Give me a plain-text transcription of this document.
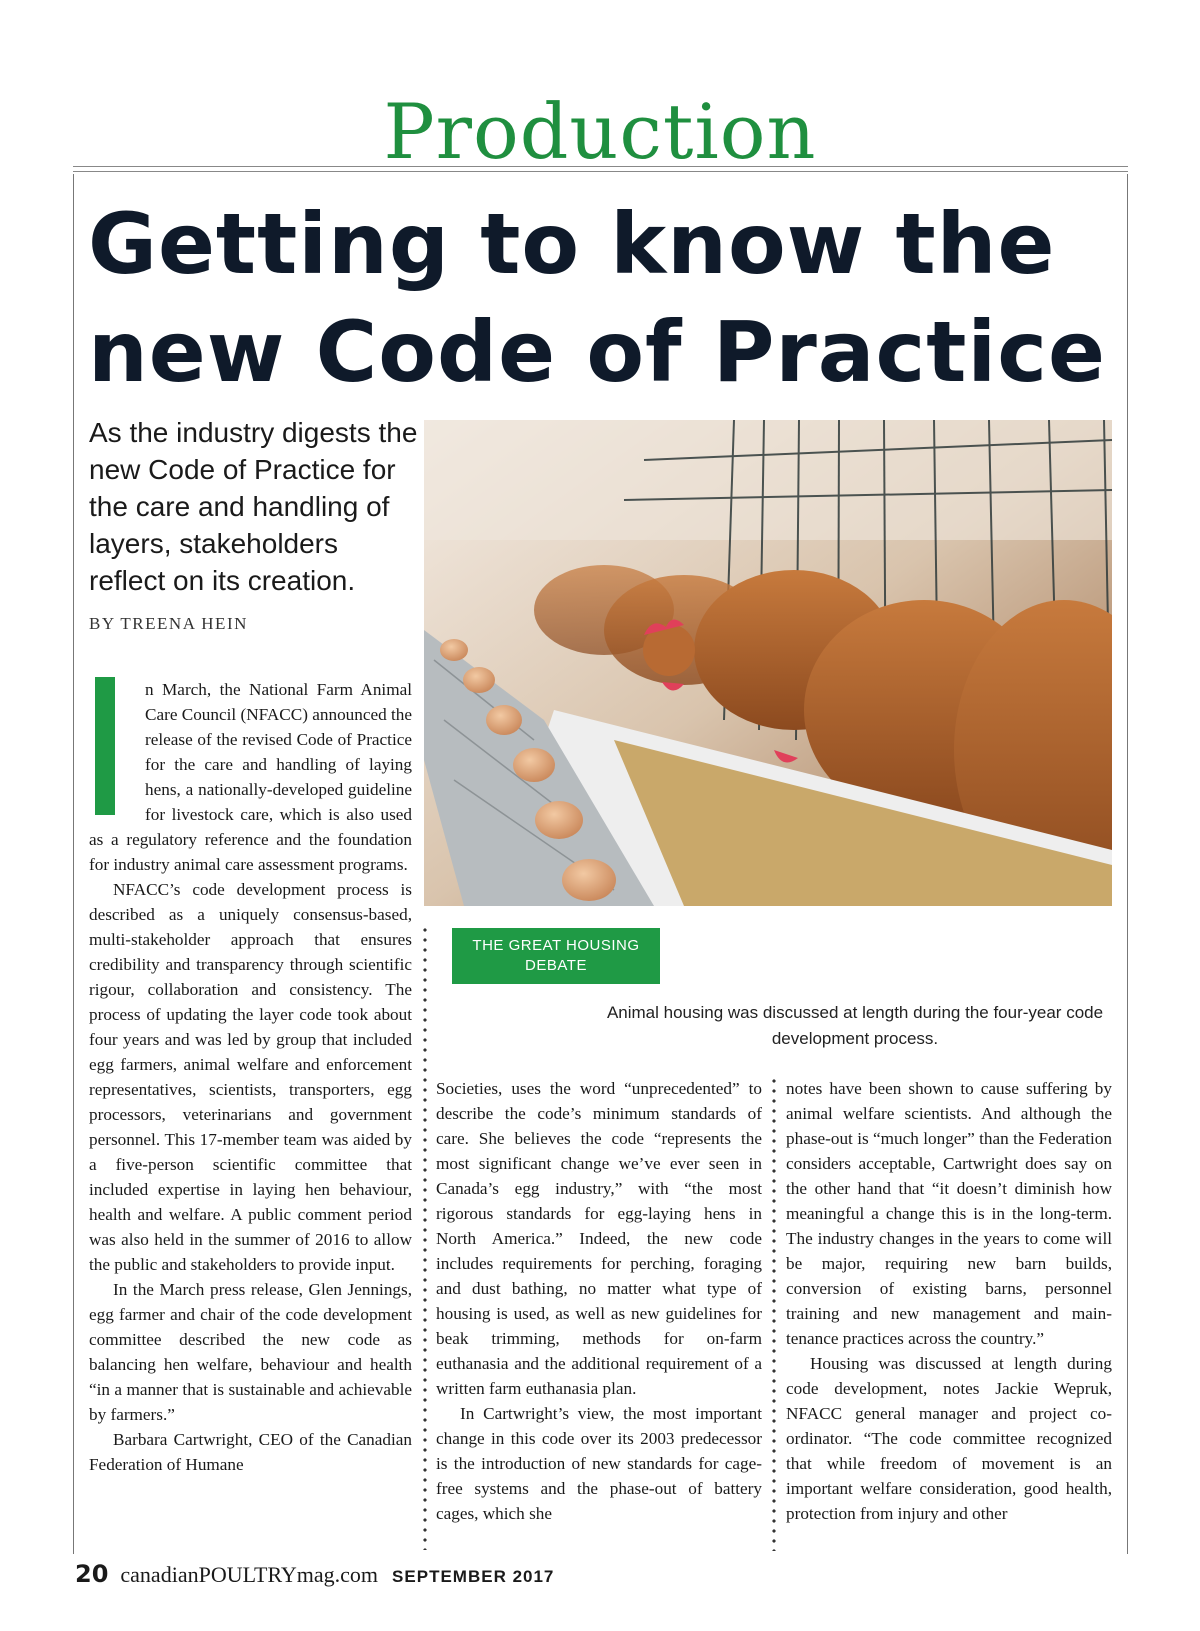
Production
Getting to know the new Code of Practice
As the industry digests the new Code of Practice for the care and handling of layers, stakeholders reflect on its creation.
BY TREENA HEIN
THE GREAT HOUSING DEBATE
Animal housing was discussed at length during the four-year code development process.

n March, the National Farm Animal Care Council (NFACC) announced the release of the revised Code of Practice for the care and handling of laying hens, a nationally-developed guideline for livestock care, which is also used as a regulatory reference and the foundation for industry animal care assessment programs.

NFACC’s code development process is described as a uniquely consensus-based, multi-stakeholder approach that ensures credibility and transparency through scientific rigour, collaboration and consistency. The process of updating the layer code took about four years and was led by group that included egg farmers, animal welfare and enforcement representatives, scientists, transporters, egg processors, veterinarians and government personnel. This 17-member team was aided by a five-person scientific committee that included expertise in laying hen behaviour, health and welfare. A public comment period was also held in the summer of 2016 to allow the public and stakeholders to provide input.

In the March press release, Glen Jennings, egg farmer and chair of the code development committee described the new code as balancing hen welfare, behaviour and health “in a manner that is sustainable and achievable by farmers.”

Barbara Cartwright, CEO of the Canadian Federation of Humane

Societies, uses the word “unprecedented” to describe the code’s minimum standards of care. She believes the code “represents the most significant change we’ve ever seen in Canada’s egg industry,” with “the most rigorous standards for egg-laying hens in North America.” Indeed, the new code includes requirements for perching, foraging and dust bathing, no matter what type of housing is used, as well as new guidelines for beak trimming, methods for on-farm euthanasia and the additional requirement of a written farm euthanasia plan.

In Cartwright’s view, the most important change in this code over its 2003 predecessor is the introduction of new standards for cage-free systems and the phase-out of battery cages, which she

notes have been shown to cause suffering by animal welfare scientists. And although the phase-out is “much longer” than the Federation considers acceptable, Cartwright does say on the other hand that “it doesn’t diminish how meaningful a change this is in the long-term. The industry changes in the years to come will be major, requiring new barn builds, conversion of existing barns, personnel training and new management and maintenance practices across the country.”

Housing was discussed at length during code development, notes Jackie Wepruk, NFACC general manager and project coordinator. “The code committee recognized that while freedom of movement is an important welfare consideration, good health, protection from injury and other

20 canadianPOULTRYmag.com SEPTEMBER 2017
